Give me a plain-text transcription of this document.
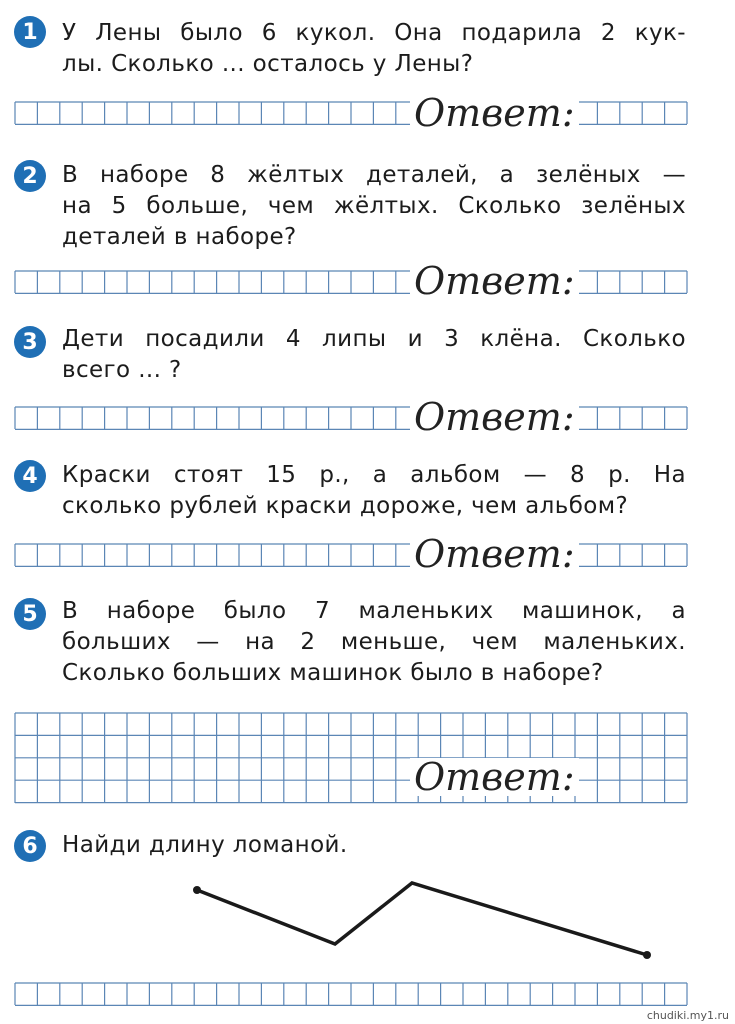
1	У Лены было 6 кукол. Она подарила 2 кук-
лы. Сколько ... осталось у Лены?
Ответ:
2	В наборе 8 жёлтых деталей, а зелёных —
на 5 больше, чем жёлтых. Сколько зелёных
деталей в наборе?
Ответ:
3	Дети посадили 4 липы и 3 клёна. Сколько
всего ... ?
Ответ:
4	Краски стоят 15 р., а альбом — 8 р. На
сколько рублей краски дороже, чем альбом?
Ответ:
5	В наборе было 7 маленьких машинок, а
больших — на 2 меньше, чем маленьких.
Сколько больших машинок было в наборе?
Ответ:
6	Найди длину ломаной.
chudiki.my1.ru
